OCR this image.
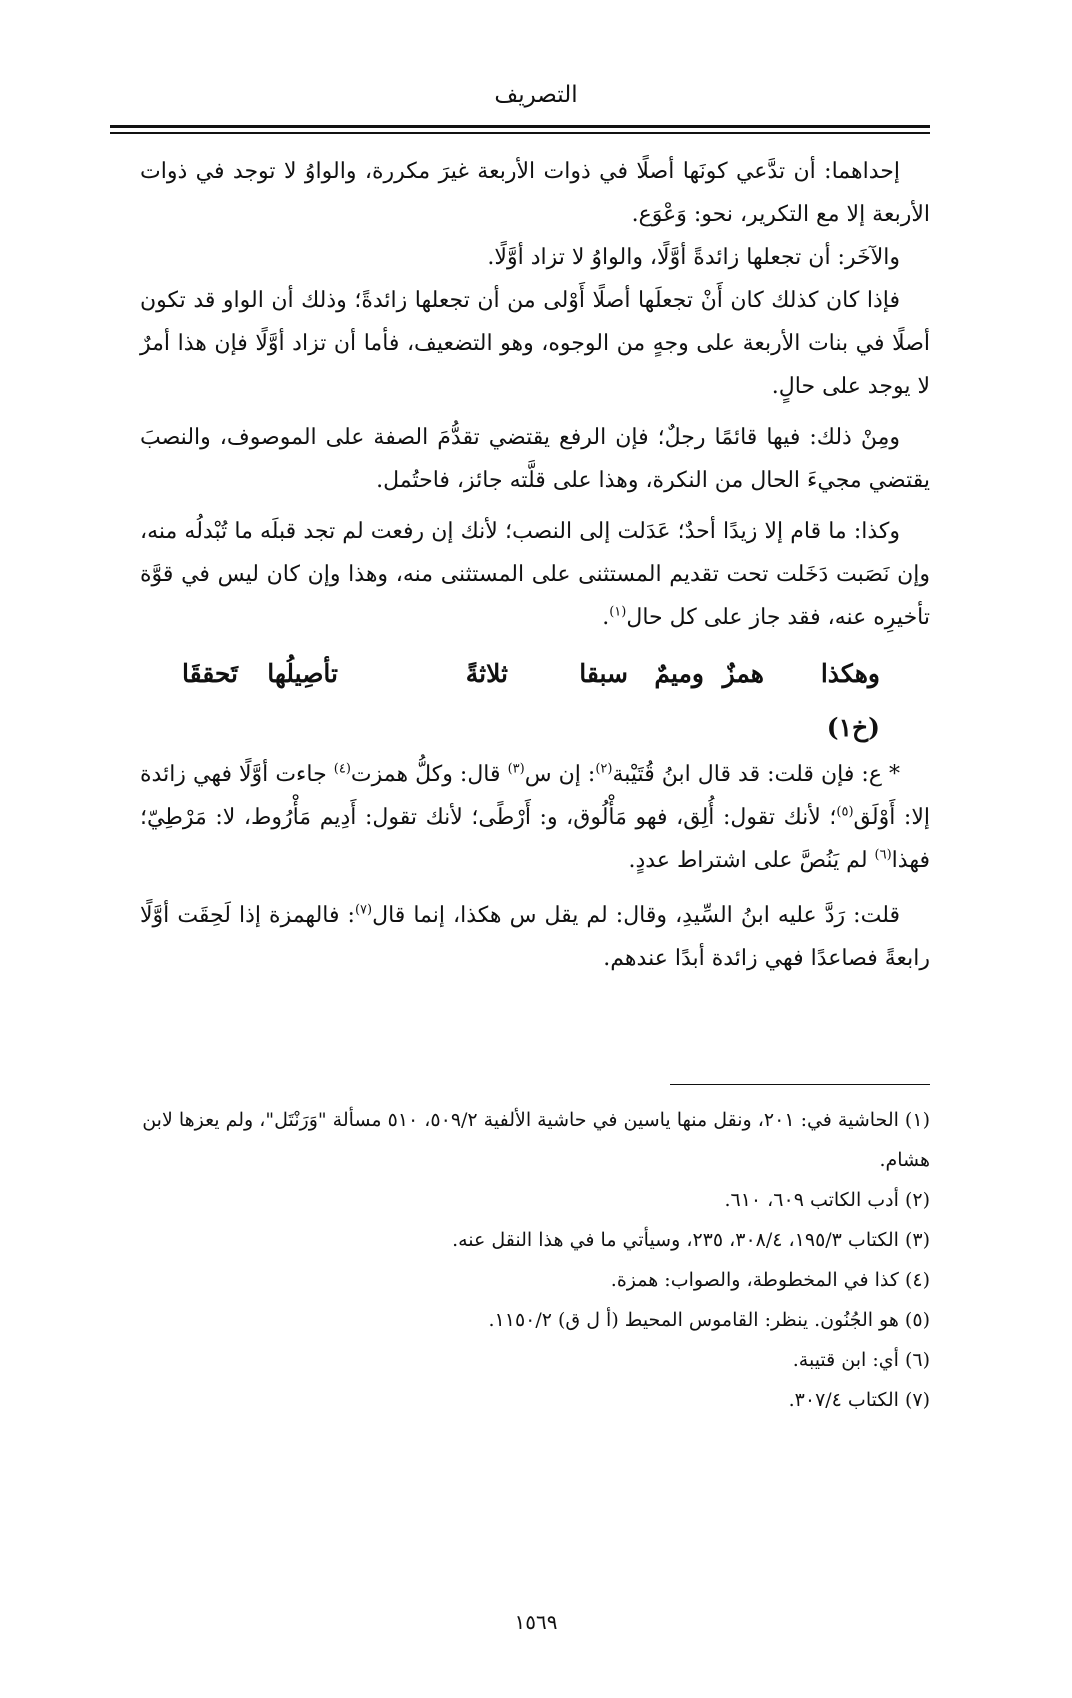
التصريف

إحداهما: أن تدَّعي كونَها أصلًا في ذوات الأربعة غيرَ مكررة، والواوُ لا توجد في ذوات الأربعة إلا مع التكرير، نحو: وَعْوَع.

والآخَر: أن تجعلها زائدةً أوَّلًا، والواوُ لا تزاد أوَّلًا.

فإذا كان كذلك كان أَنْ تجعلَها أصلًا أَوْلى من أن تجعلها زائدةً؛ وذلك أن الواو قد تكون أصلًا في بنات الأربعة على وجهٍ من الوجوه، وهو التضعيف، فأما أن تزاد أوَّلًا فإن هذا أمرٌ لا يوجد على حالٍ.

ومِنْ ذلك: فيها قائمًا رجلٌ؛ فإن الرفع يقتضي تقدُّمَ الصفة على الموصوف، والنصبَ يقتضي مجيءَ الحال من النكرة، وهذا على قلَّته جائز، فاحتُمل.

وكذا: ما قام إلا زيدًا أحدٌ؛ عَدَلت إلى النصب؛ لأنك إن رفعت لم تجد قبلَه ما تُبْدلُه منه، وإن نَصَبت دَخَلت تحت تقديم المستثنى على المستثنى منه، وهذا وإن كان ليس في قوَّة تأخيرِه عنه، فقد جاز على كل حال$^{(١)}$.

وهكذا
همزٌ
وميمٌ
سبقا
ثلاثةً
تأصِيلُها
تَحققَا
(خ١)

* ع: فإن قلت: قد قال ابنُ قُتَيْبة$^{(٢)}$: إن س$^{(٣)}$ قال: وكلُّ همزت$^{(٤)}$ جاءت أوَّلًا فهي زائدة إلا: أَوْلَق$^{(٥)}$؛ لأنك تقول: أُلِق، فهو مَأْلُوق، و: أَرْطًى؛ لأنك تقول: أَدِيم مَأْرُوط، لا: مَرْطِيّ؛ فهذا$^{(٦)}$ لم يَنُصَّ على اشتراط عددٍ.

قلت: رَدَّ عليه ابنُ السِّيدِ، وقال: لم يقل س هكذا، إنما قال$^{(٧)}$: فالهمزة إذا لَحِقَت أوَّلًا رابعةً فصاعدًا فهي زائدة أبدًا عندهم.

(١) الحاشية في: ٢٠١، ونقل منها ياسين في حاشية الألفية ٥٠٩/٢، ٥١٠ مسألة "وَرَنْتَل"، ولم يعزها لابن هشام.

(٢) أدب الكاتب ٦٠٩، ٦١٠.

(٣) الكتاب ١٩٥/٣، ٣٠٨/٤، ٢٣٥، وسيأتي ما في هذا النقل عنه.

(٤) كذا في المخطوطة، والصواب: همزة.

(٥) هو الجُنُون. ينظر: القاموس المحيط (أ ل ق) ١١٥٠/٢.

(٦) أي: ابن قتيبة.

(٧) الكتاب ٣٠٧/٤.

١٥٦٩
